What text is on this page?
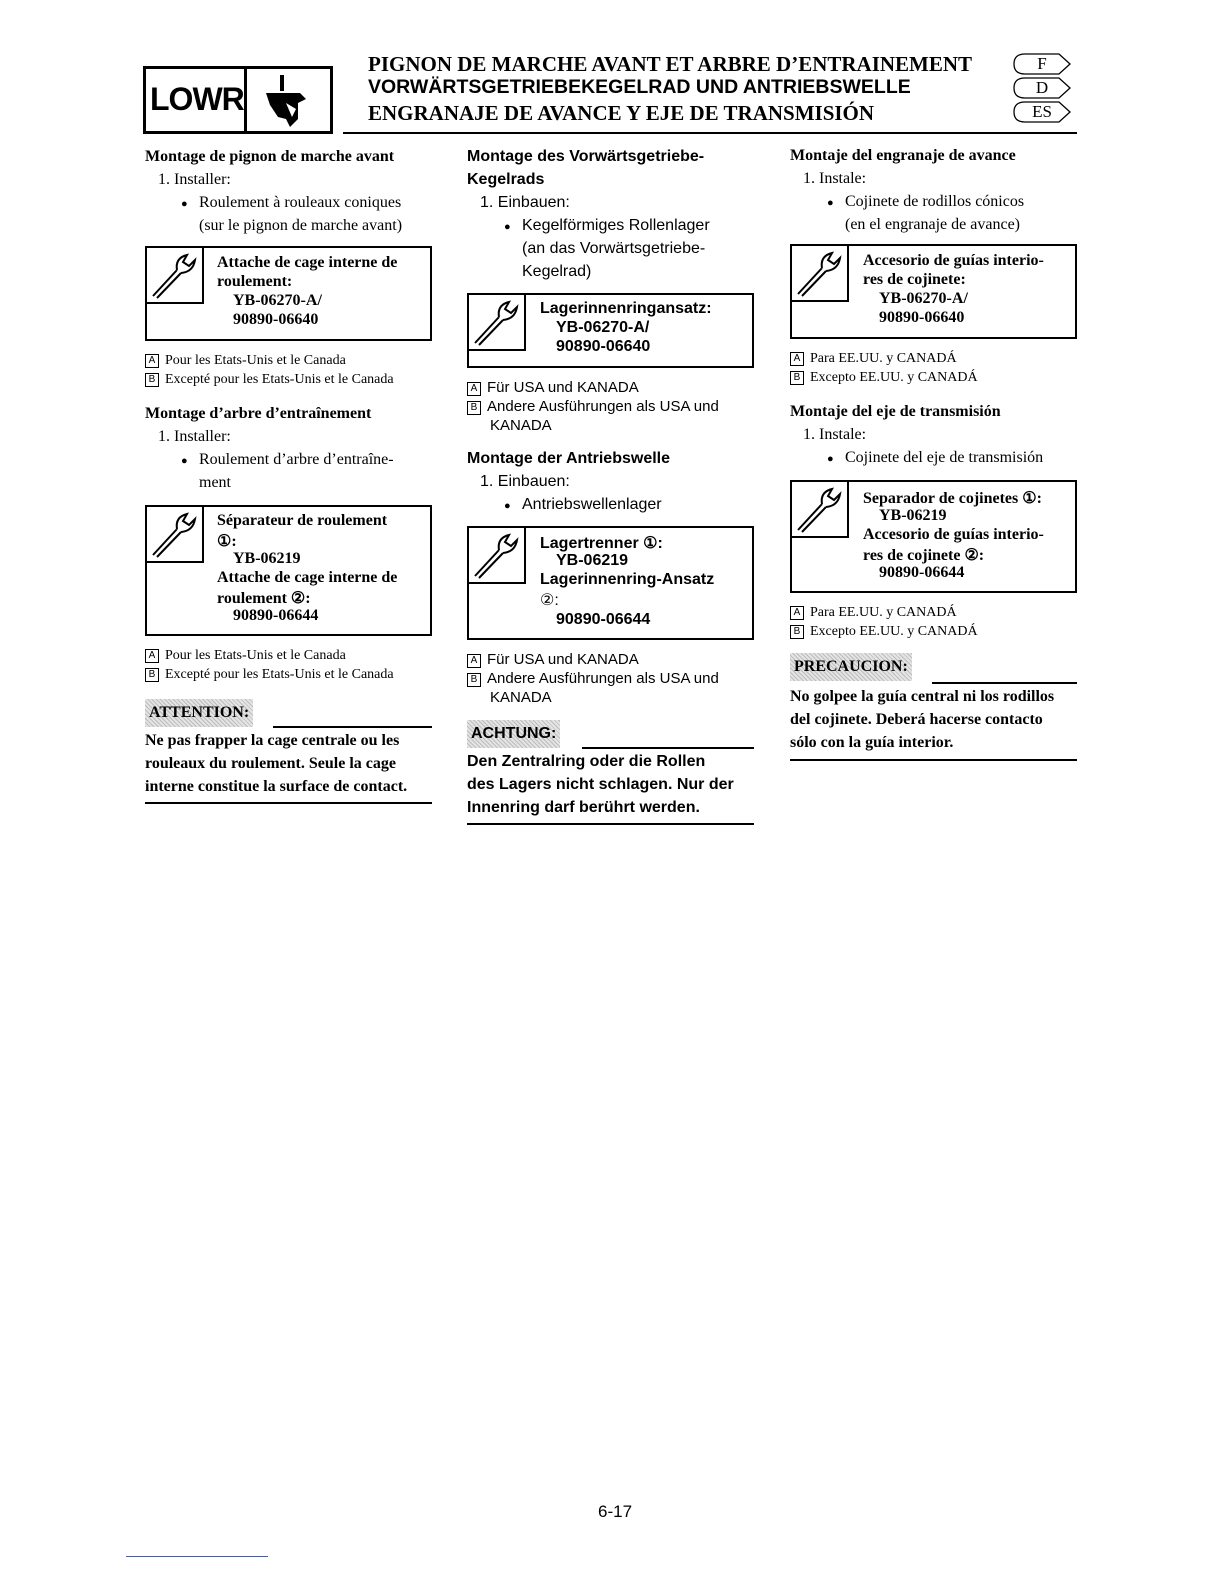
LOWR
PIGNON DE MARCHE AVANT ET ARBRE D’ENTRAINEMENT
VORWÄRTSGETRIEBEKEGELRAD UND ANTRIEBSWELLE
ENGRANAJE DE AVANCE Y EJE DE TRANSMISIÓN
F
D
ES
Montage de pignon de marche avant
1. Installer:
● Roulement à rouleaux coniques
(sur le pignon de marche avant)
Attache de cage interne de
roulement:
YB-06270-A/
90890-06640
A Pour les Etats-Unis et le Canada
B Excepté pour les Etats-Unis et le Canada
Montage d’arbre d’entraînement
1. Installer:
● Roulement d’arbre d’entraîne-
ment
Séparateur de roulement
①:
YB-06219
Attache de cage interne de
roulement ②:
90890-06644
A Pour les Etats-Unis et le Canada
B Excepté pour les Etats-Unis et le Canada
ATTENTION:
Ne pas frapper la cage centrale ou les
rouleaux du roulement. Seule la cage
interne constitue la surface de contact.
Montage des Vorwärtsgetriebe-
Kegelrads
1. Einbauen:
● Kegelförmiges Rollenlager
(an das Vorwärtsgetriebe-
Kegelrad)
Lagerinnenringansatz:
YB-06270-A/
90890-06640
A Für USA und KANADA
B Andere Ausführungen als USA und
KANADA
Montage der Antriebswelle
1. Einbauen:
● Antriebswellenlager
Lagertrenner ①:
YB-06219
Lagerinnenring-Ansatz
②:
90890-06644
A Für USA und KANADA
B Andere Ausführungen als USA und
KANADA
ACHTUNG:
Den Zentralring oder die Rollen
des Lagers nicht schlagen. Nur der
Innenring darf berührt werden.
Montaje del engranaje de avance
1. Instale:
● Cojinete de rodillos cónicos
(en el engranaje de avance)
Accesorio de guías interio-
res de cojinete:
YB-06270-A/
90890-06640
A Para EE.UU. y CANADÁ
B Excepto EE.UU. y CANADÁ
Montaje del eje de transmisión
1. Instale:
● Cojinete del eje de transmisión
Separador de cojinetes ①:
YB-06219
Accesorio de guías interio-
res de cojinete ②:
90890-06644
A Para EE.UU. y CANADÁ
B Excepto EE.UU. y CANADÁ
PRECAUCION:
No golpee la guía central ni los rodillos
del cojinete. Deberá hacerse contacto
sólo con la guía interior.
6-17
